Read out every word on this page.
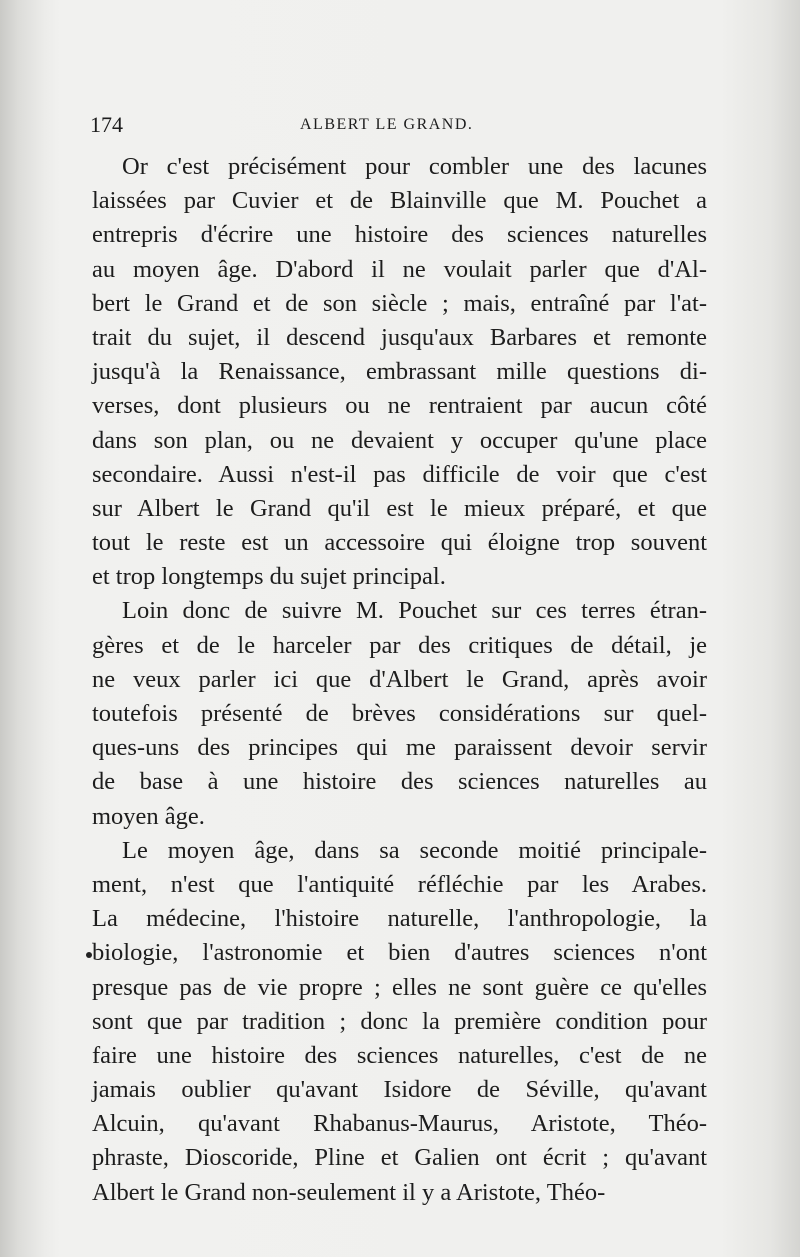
174	ALBERT LE GRAND.
Or c'est précisément pour combler une des lacunes
laissées par Cuvier et de Blainville que M. Pouchet a
entrepris d'écrire une histoire des sciences naturelles
au moyen âge. D'abord il ne voulait parler que d'Al-
bert le Grand et de son siècle ; mais, entraîné par l'at-
trait du sujet, il descend jusqu'aux Barbares et remonte
jusqu'à la Renaissance, embrassant mille questions di-
verses, dont plusieurs ou ne rentraient par aucun côté
dans son plan, ou ne devaient y occuper qu'une place
secondaire. Aussi n'est-il pas difficile de voir que c'est
sur Albert le Grand qu'il est le mieux préparé, et que
tout le reste est un accessoire qui éloigne trop souvent
et trop longtemps du sujet principal.
Loin donc de suivre M. Pouchet sur ces terres étran-
gères et de le harceler par des critiques de détail, je
ne veux parler ici que d'Albert le Grand, après avoir
toutefois présenté de brèves considérations sur quel-
ques-uns des principes qui me paraissent devoir servir
de base à une histoire des sciences naturelles au
moyen âge.
Le moyen âge, dans sa seconde moitié principale-
ment, n'est que l'antiquité réfléchie par les Arabes.
La médecine, l'histoire naturelle, l'anthropologie, la
biologie, l'astronomie et bien d'autres sciences n'ont
presque pas de vie propre ; elles ne sont guère ce qu'elles
sont que par tradition ; donc la première condition pour
faire une histoire des sciences naturelles, c'est de ne
jamais oublier qu'avant Isidore de Séville, qu'avant
Alcuin, qu'avant Rhabanus-Maurus, Aristote, Théo-
phraste, Dioscoride, Pline et Galien ont écrit ; qu'avant
Albert le Grand non-seulement il y a Aristote, Théo-
